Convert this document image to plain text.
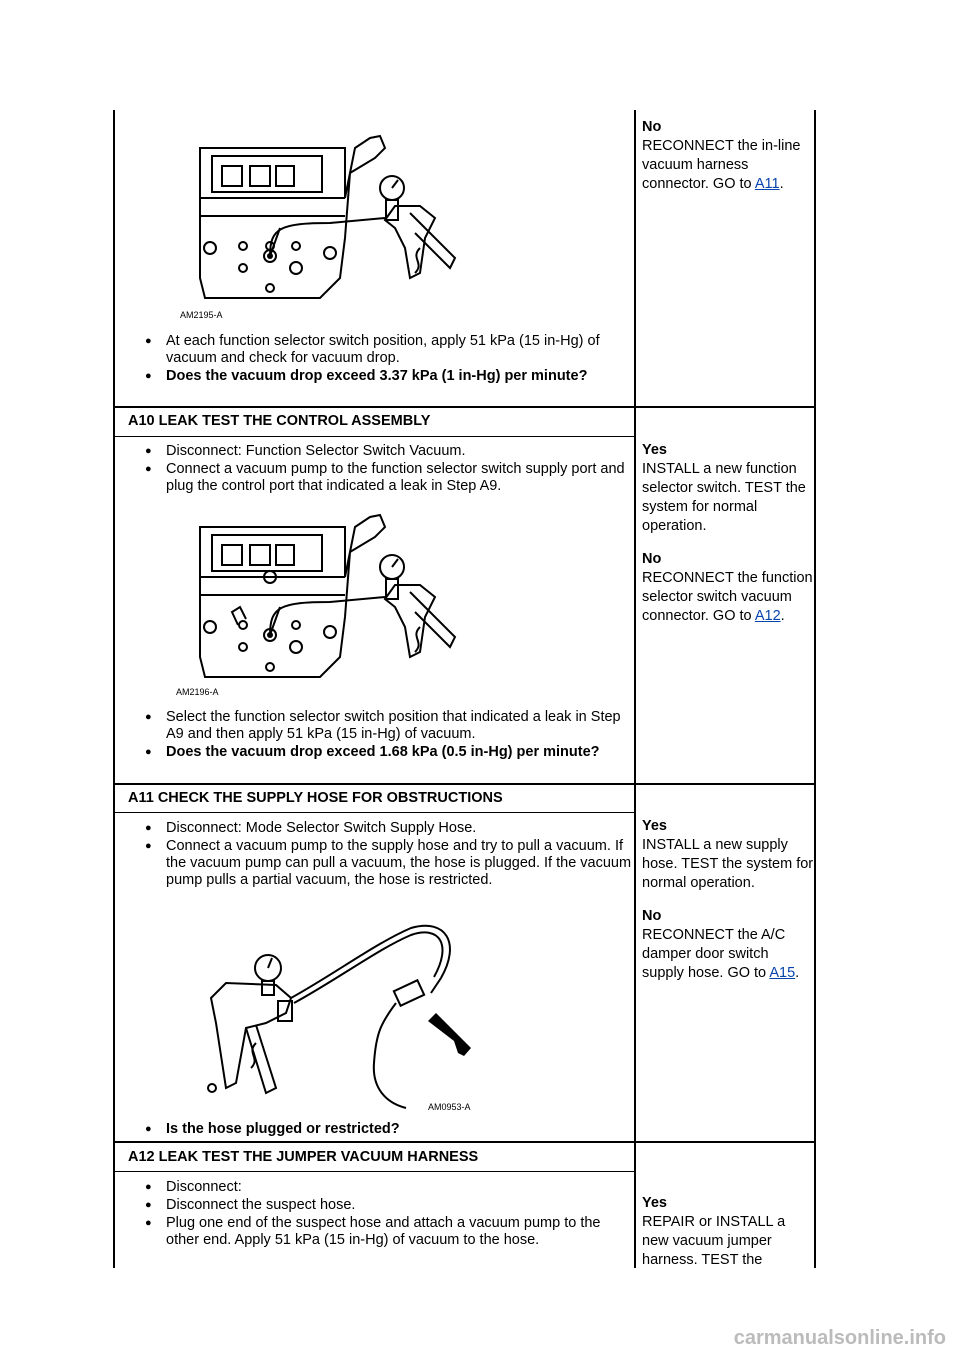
AM2195-A
● At each function selector switch position, apply 51 kPa (15 in-Hg) of vacuum and check for vacuum drop.
● Does the vacuum drop exceed 3.37 kPa (1 in-Hg) per minute?
No
RECONNECT the in-line vacuum harness connector. GO to A11.
A10 LEAK TEST THE CONTROL ASSEMBLY
● Disconnect: Function Selector Switch Vacuum.
● Connect a vacuum pump to the function selector switch supply port and plug the control port that indicated a leak in Step A9.
AM2196-A
● Select the function selector switch position that indicated a leak in Step A9 and then apply 51 kPa (15 in-Hg) of vacuum.
● Does the vacuum drop exceed 1.68 kPa (0.5 in-Hg) per minute?
Yes
INSTALL a new function selector switch. TEST the system for normal operation.
No
RECONNECT the function selector switch vacuum connector. GO to A12.
A11 CHECK THE SUPPLY HOSE FOR OBSTRUCTIONS
● Disconnect: Mode Selector Switch Supply Hose.
● Connect a vacuum pump to the supply hose and try to pull a vacuum. If the vacuum pump can pull a vacuum, the hose is plugged. If the vacuum pump pulls a partial vacuum, the hose is restricted.
AM0953-A
● Is the hose plugged or restricted?
Yes
INSTALL a new supply hose. TEST the system for normal operation.
No
RECONNECT the A/C damper door switch supply hose. GO to A15.
A12 LEAK TEST THE JUMPER VACUUM HARNESS
● Disconnect:
● Disconnect the suspect hose.
● Plug one end of the suspect hose and attach a vacuum pump to the other end. Apply 51 kPa (15 in-Hg) of vacuum to the hose.
Yes
REPAIR or INSTALL a new vacuum jumper harness. TEST the
carmanualsonline.info
